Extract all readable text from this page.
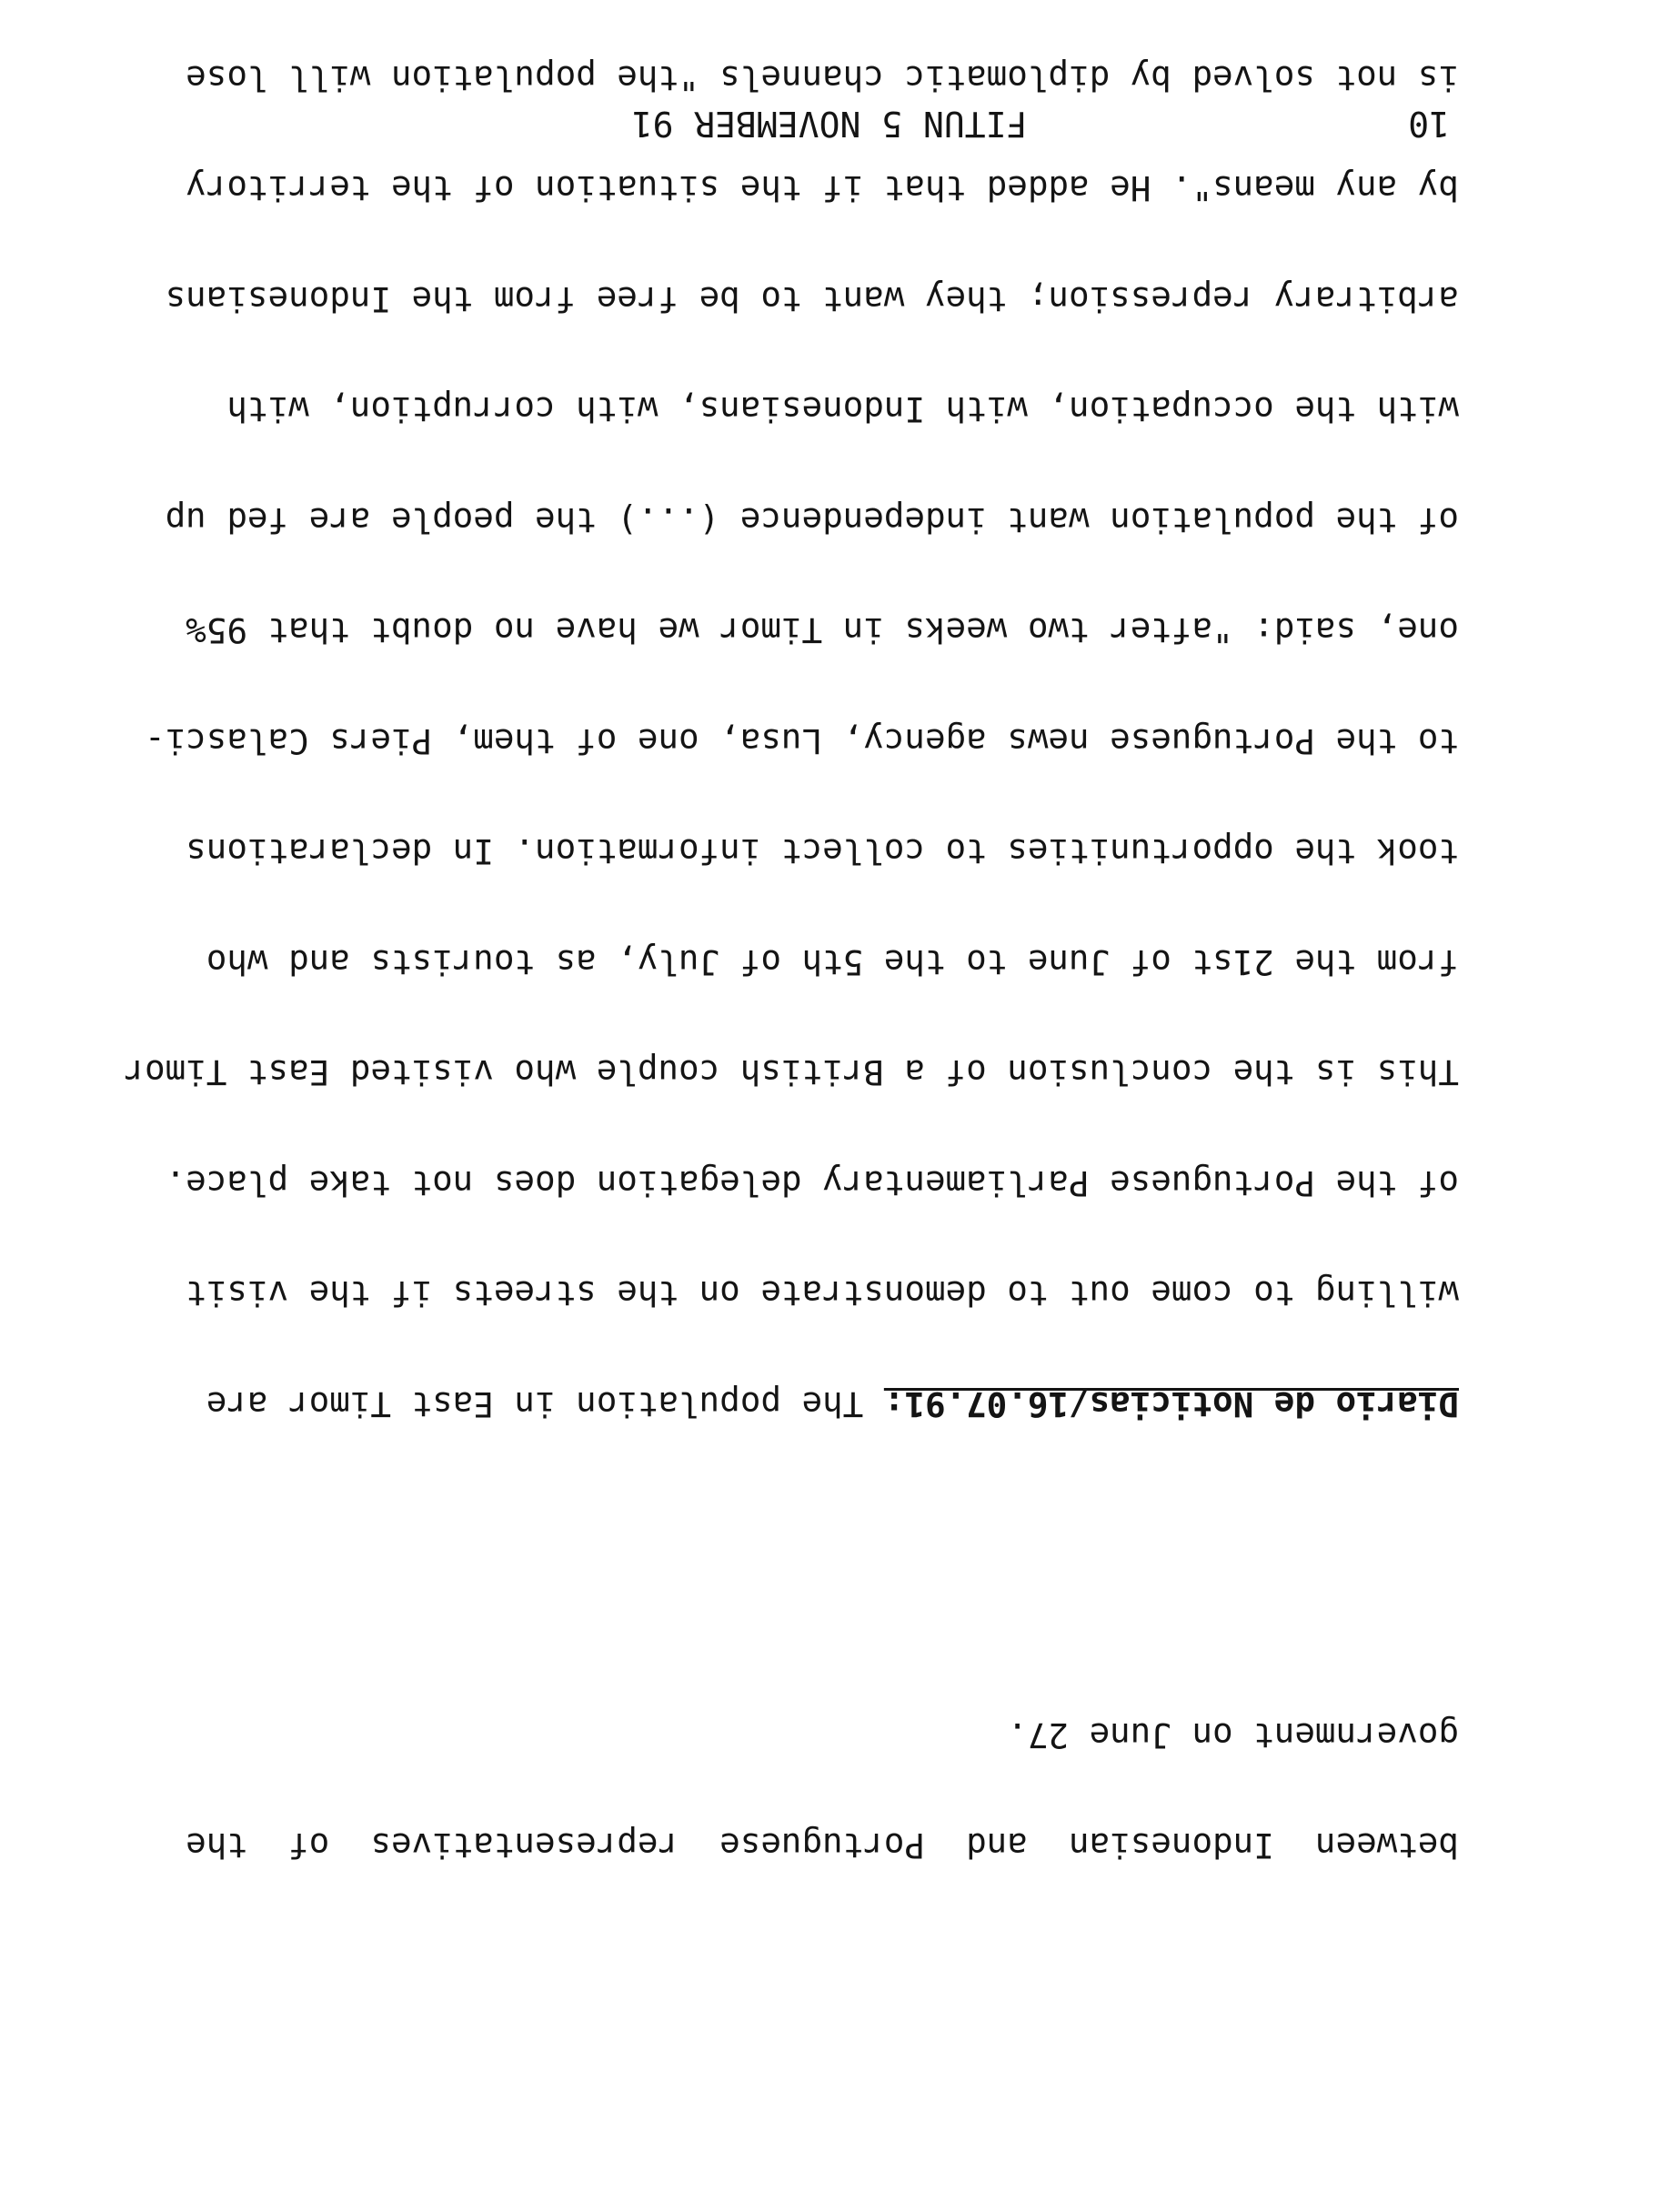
10
FITUN 5 NOVEMBER 91

between  Indonesian  and  Portuguese  representatives  of  the

government on June 27.

Diario de Noticias/16.07.91: The population in East Timor are

willing to come out to demonstrate on the streets if the visit

of the Portuguese Parliamentary delegation does not take place.

This is the conclusion of a British couple who visited East Timor

from the 21st of June to the 5th of July, as tourists and who

took the opportunities to collect information. In declarations

to the Portuguese news agency, Lusa, one of them, Piers Calasci-

one, said: "after two weeks in Timor we have no doubt that 95%

of the population want independence (...) the people are fed up

with the occupation, with Indonesians, with corruption, with

arbitrary repression; they want to be free from the Indonesians

by any means". He added that if the situation of the territory

is not solved by diplomatic channels "the population will lose
